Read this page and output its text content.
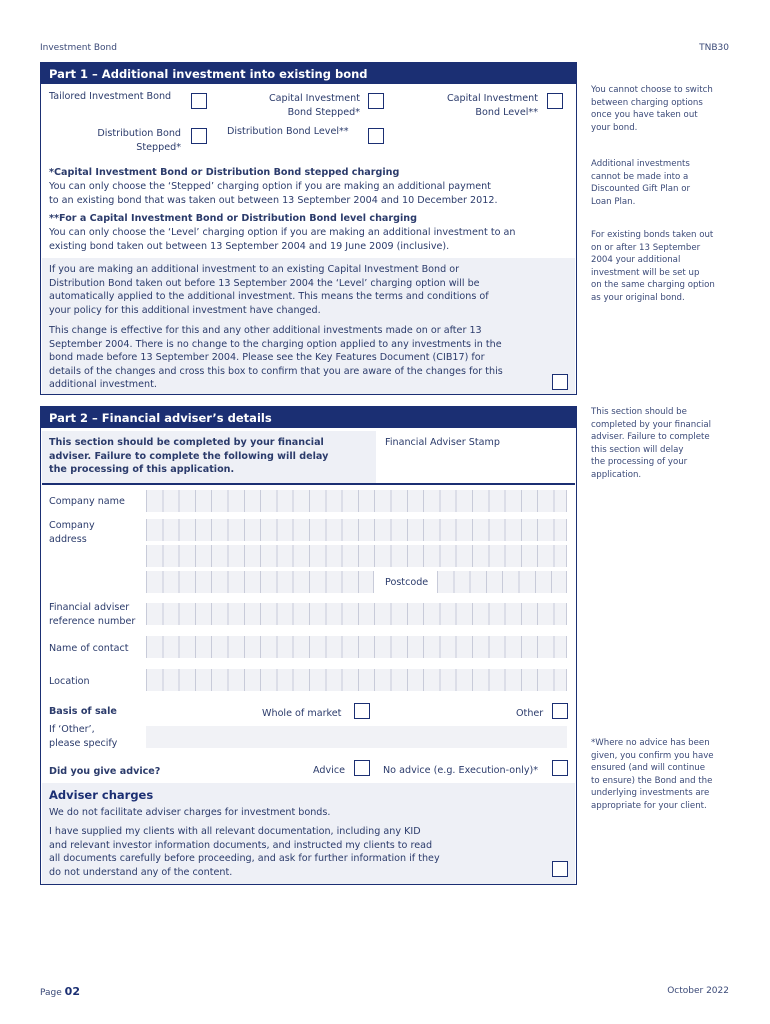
Investment Bond	TNB30
Part 1 – Additional investment into existing bond
Tailored Investment Bond	Capital Investment
Bond Stepped*
Capital Investment
Bond Level**
Distribution Bond
Stepped*
Distribution Bond Level**
*Capital Investment Bond or Distribution Bond stepped charging
You can only choose the ‘Stepped’ charging option if you are making an additional payment
to an existing bond that was taken out between 13 September 2004 and 10 December 2012.
**For a Capital Investment Bond or Distribution Bond level charging
You can only choose the ‘Level’ charging option if you are making an additional investment to an
existing bond taken out between 13 September 2004 and 19 June 2009 (inclusive).
If you are making an additional investment to an existing Capital Investment Bond or
Distribution Bond taken out before 13 September 2004 the ‘Level’ charging option will be
automatically applied to the additional investment. This means the terms and conditions of
your policy for this additional investment have changed.
This change is effective for this and any other additional investments made on or after 13
September 2004. There is no change to the charging option applied to any investments in the
bond made before 13 September 2004. Please see the Key Features Document (CIB17) for
details of the changes and cross this box to confirm that you are aware of the changes for this
additional investment.
You cannot choose to switch
between charging options
once you have taken out
your bond.
Additional investments
cannot be made into a
Discounted Gift Plan or
Loan Plan.
For existing bonds taken out
on or after 13 September
2004 your additional
investment will be set up
on the same charging option
as your original bond.
Part 2 – Financial adviser’s details
This section should be completed by your financial
adviser. Failure to complete the following will delay
the processing of this application.
Financial Adviser Stamp
Company name
Company
address
Postcode
Financial adviser
reference number
Name of contact
Location
Basis of sale	Whole of market	Other
If ‘Other’,
please specify
Did you give advice?	Advice	No advice (e.g. Execution-only)*
Adviser charges
We do not facilitate adviser charges for investment bonds.
I have supplied my clients with all relevant documentation, including any KID
and relevant investor information documents, and instructed my clients to read
all documents carefully before proceeding, and ask for further information if they
do not understand any of the content.
This section should be
completed by your financial
adviser. Failure to complete
this section will delay
the processing of your
application.
*Where no advice has been
given, you confirm you have
ensured (and will continue
to ensure) the Bond and the
underlying investments are
appropriate for your client.
Page 02	October 2022
